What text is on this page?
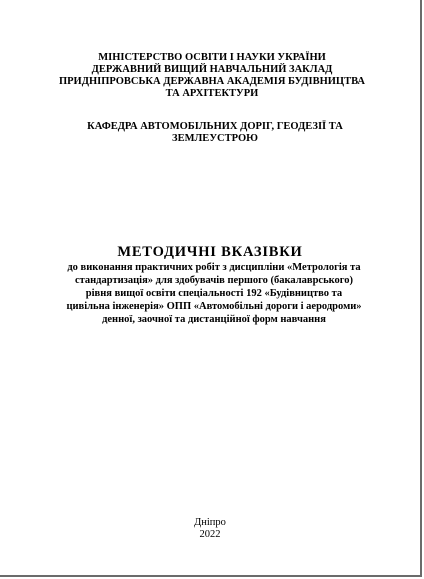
МІНІСТЕРСТВО ОСВІТИ І НАУКИ УКРАЇНИ
ДЕРЖАВНИЙ ВИЩИЙ НАВЧАЛЬНИЙ ЗАКЛАД
ПРИДНІПРОВСЬКА ДЕРЖАВНА АКАДЕМІЯ БУДІВНИЦТВА
ТА АРХІТЕКТУРИ
КАФЕДРА АВТОМОБІЛЬНИХ ДОРІГ, ГЕОДЕЗІЇ ТА
ЗЕМЛЕУСТРОЮ
МЕТОДИЧНІ ВКАЗІВКИ
до виконання практичних робіт з дисципліни «Метрологія та
стандартизація» для здобувачів першого (бакалаврського)
рівня вищої освіти спеціальності 192 «Будівництво та
цивільна інженерія» ОПП «Автомобільні дороги і аеродроми»
денної, заочної та дистанційної форм навчання
Дніпро
2022
